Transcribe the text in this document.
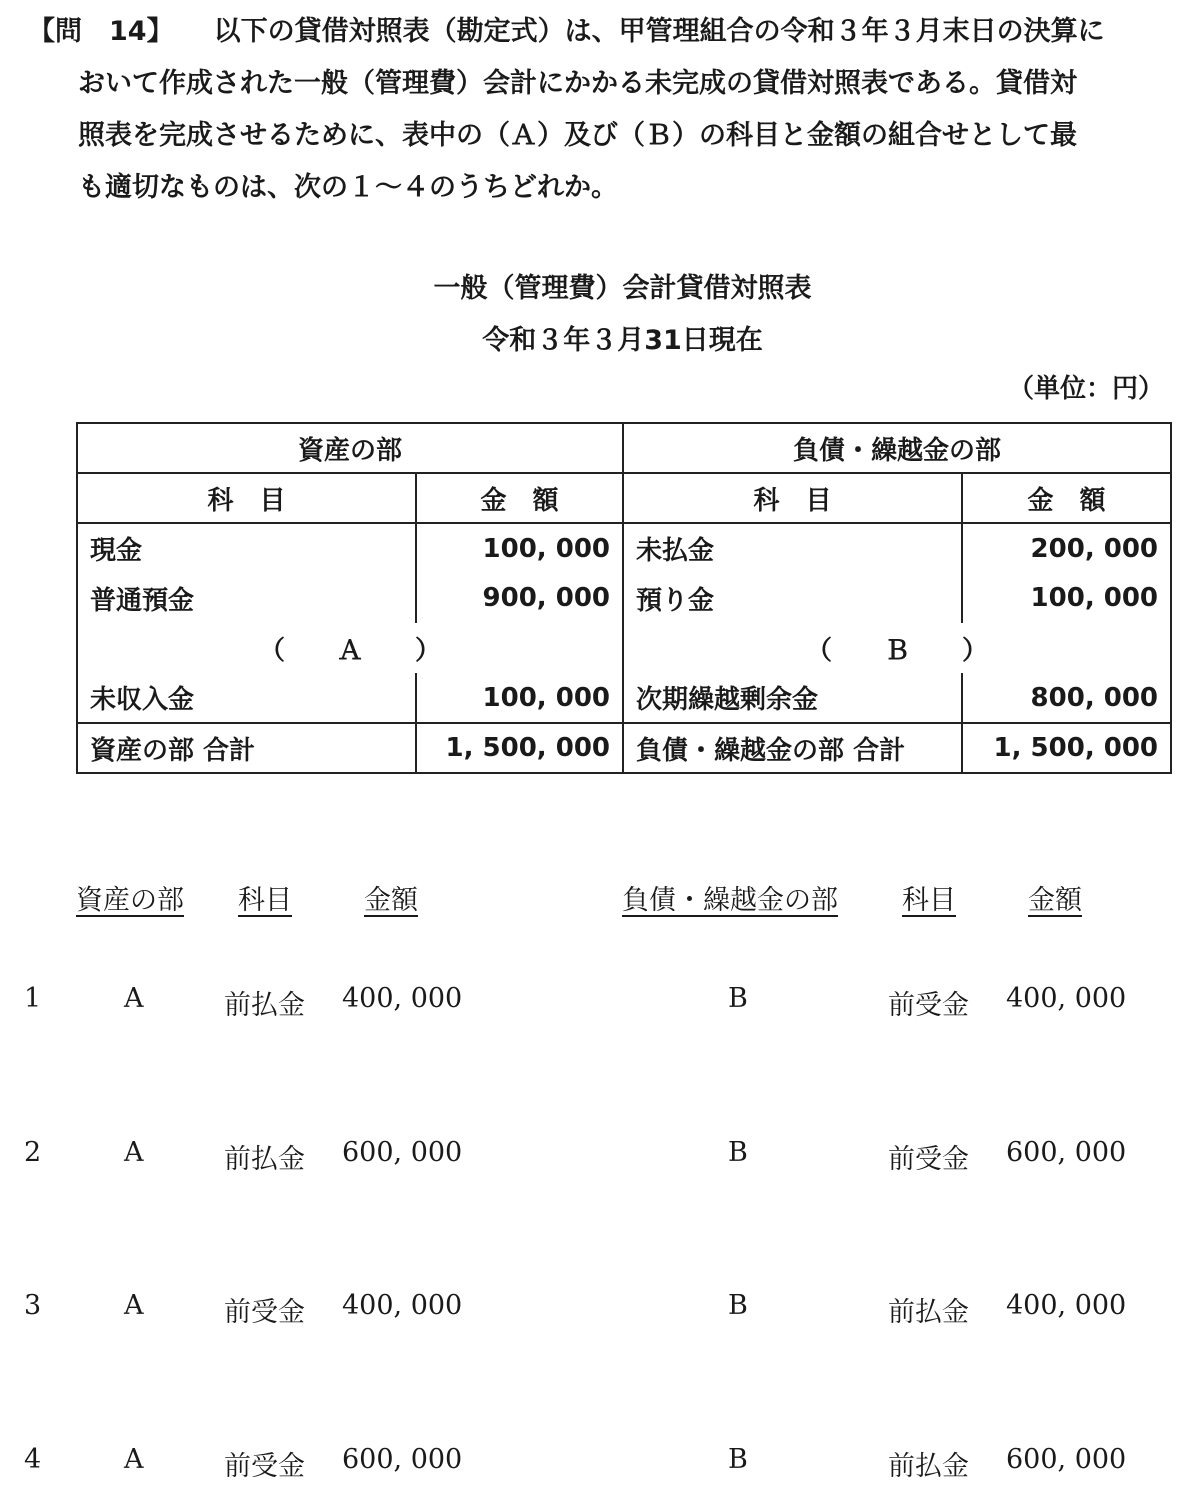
【問　14】 以下の貸借対照表（勘定式）は、甲管理組合の令和３年３月末日の決算に
おいて作成された一般（管理費）会計にかかる未完成の貸借対照表である。貸借対
照表を完成させるために、表中の（Ａ）及び（Ｂ）の科目と金額の組合せとして最
も適切なものは、次の１～４のうちどれか。
一般（管理費）会計貸借対照表
令和３年３月31日現在
（単位：円）
資産の部		負債・繰越金の部	
科　目	金　額	科　目	金　額
現金	100, 000	未払金	200, 000
普通預金	900, 000	預り金	100, 000
（　　Ａ　　）		（　　Ｂ　　）	
未収入金	100, 000	次期繰越剰余金	800, 000
資産の部 合計	1, 500, 000	負債・繰越金の部 合計	1, 500, 000
資産の部 科目	金額	負債・繰越金の部 科目	金額
1	A	前払金 400, 000	B	前受金 400, 000
2	A	前払金 600, 000	B	前受金 600, 000
3	A	前受金 400, 000	B	前払金 400, 000
4	A	前受金 600, 000	B	前払金 600, 000
